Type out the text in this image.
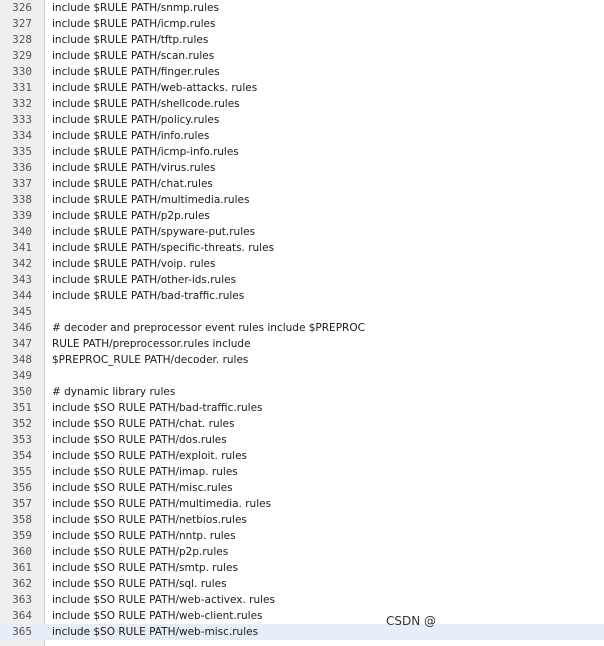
326 include $RULE PATH/snmp.rules
327 include $RULE PATH/icmp.rules
328 include $RULE PATH/tftp.rules
329 include $RULE PATH/scan.rules
330 include $RULE PATH/finger.rules
331 include $RULE PATH/web-attacks. rules
332 include $RULE PATH/shellcode.rules
333 include $RULE PATH/policy.rules
334 include $RULE PATH/info.rules
335 include $RULE PATH/icmp-info.rules
336 include $RULE PATH/virus.rules
337 include $RULE PATH/chat.rules
338 include $RULE PATH/multimedia.rules
339 include $RULE PATH/p2p.rules
340 include $RULE PATH/spyware-put.rules
341 include $RULE PATH/specific-threats. rules
342 include $RULE PATH/voip. rules
343 include $RULE PATH/other-ids.rules
344 include $RULE PATH/bad-traffic.rules
345
346 # decoder and preprocessor event rules include $PREPROC
347 RULE PATH/preprocessor.rules include
348 $PREPROC_RULE PATH/decoder. rules
349
350 # dynamic library rules
351 include $SO RULE PATH/bad-traffic.rules
352 include $SO RULE PATH/chat. rules
353 include $SO RULE PATH/dos.rules
354 include $SO RULE PATH/exploit. rules
355 include $SO RULE PATH/imap. rules
356 include $SO RULE PATH/misc.rules
357 include $SO RULE PATH/multimedia. rules
358 include $SO RULE PATH/netbios.rules
359 include $SO RULE PATH/nntp. rules
360 include $SO RULE PATH/p2p.rules
361 include $SO RULE PATH/smtp. rules
362 include $SO RULE PATH/sql. rules
363 include $SO RULE PATH/web-activex. rules
364 include $SO RULE PATH/web-client.rules
365 include $SO RULE PATH/web-misc.rules
CSDN @
